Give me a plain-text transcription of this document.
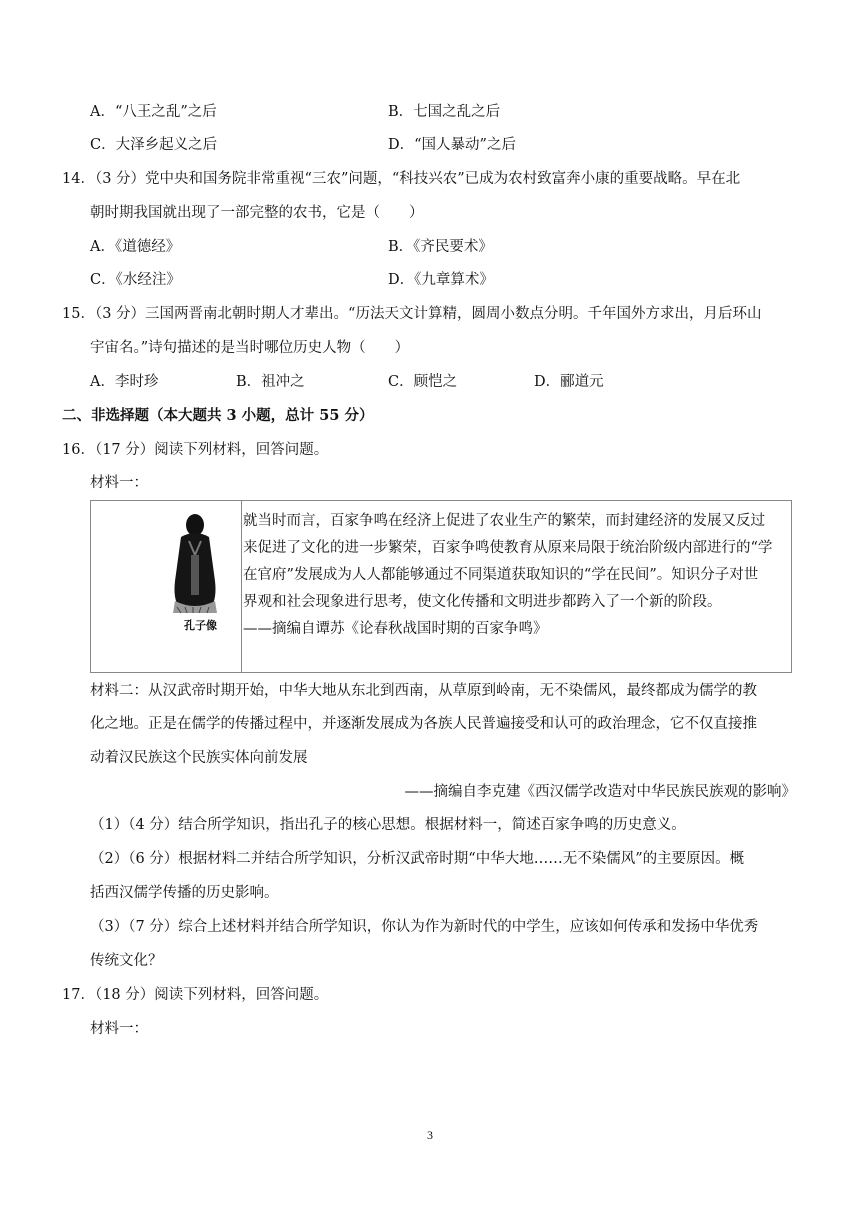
A．“八王之乱”之后	B．七国之乱之后
C．大泽乡起义之后	D．“国人暴动”之后
14．（3 分）党中央和国务院非常重视“三农”问题，“科技兴农”已成为农村致富奔小康的重要战略。早在北
朝时期我国就出现了一部完整的农书，它是（　　）
A．《道德经》	B．《齐民要术》
C．《水经注》	D．《九章算术》
15．（3 分）三国两晋南北朝时期人才辈出。“历法天文计算精，圆周小数点分明。千年国外方求出，月后环山
宇宙名。”诗句描述的是当时哪位历史人物（　　）
A．李时珍	B．祖冲之	C．顾恺之	D．郦道元
二、非选择题（本大题共 3 小题，总计 55 分）
16．（17 分）阅读下列材料，回答问题。
材料一：
孔子像
就当时而言，百家争鸣在经济上促进了农业生产的繁荣，而封建经济的发展又反过
来促进了文化的进一步繁荣，百家争鸣使教育从原来局限于统治阶级内部进行的“学
在官府”发展成为人人都能够通过不同渠道获取知识的“学在民间”。知识分子对世
界观和社会现象进行思考，使文化传播和文明进步都跨入了一个新的阶段。
——摘编自谭苏《论春秋战国时期的百家争鸣》
材料二：从汉武帝时期开始，中华大地从东北到西南，从草原到岭南，无不染儒风，最终都成为儒学的教
化之地。正是在儒学的传播过程中，并逐渐发展成为各族人民普遍接受和认可的政治理念，它不仅直接推
动着汉民族这个民族实体向前发展
——摘编自李克建《西汉儒学改造对中华民族民族观的影响》
（1）（4 分）结合所学知识，指出孔子的核心思想。根据材料一，简述百家争鸣的历史意义。
（2）（6 分）根据材料二并结合所学知识，分析汉武帝时期“中华大地……无不染儒风”的主要原因。概
括西汉儒学传播的历史影响。
（3）（7 分）综合上述材料并结合所学知识，你认为作为新时代的中学生，应该如何传承和发扬中华优秀
传统文化？
17．（18 分）阅读下列材料，回答问题。
材料一：
3
